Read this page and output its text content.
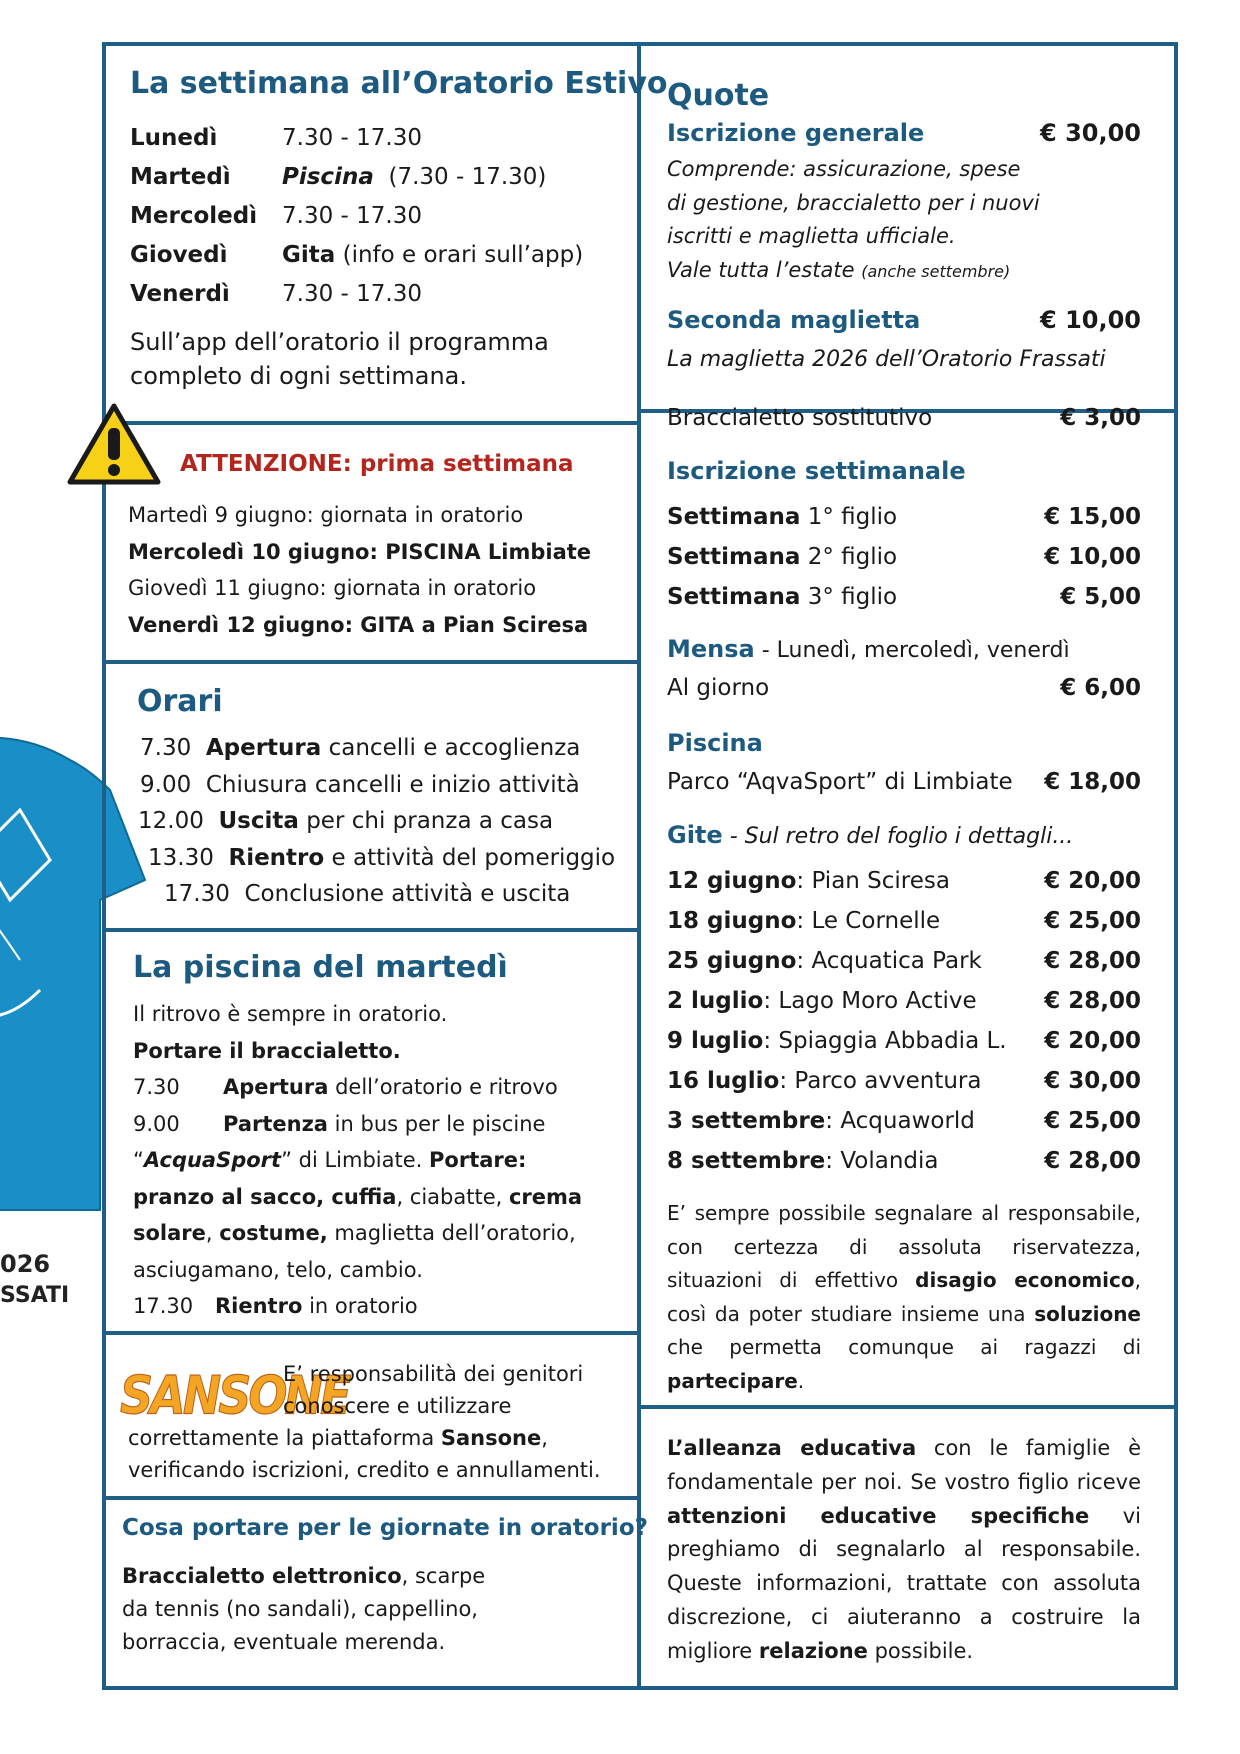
026
SSATI
La settimana all’Oratorio Estivo
Lunedì	7.30 - 17.30
Martedì Piscina (7.30 - 17.30)
Mercoledì 7.30 - 17.30
Giovedì Gita (info e orari sull’app)
Venerdì 7.30 - 17.30
Sull’app dell’oratorio il programma
completo di ogni settimana.
ATTENZIONE: prima settimana
Martedì 9 giugno: giornata in oratorio
Mercoledì 10 giugno: PISCINA Limbiate
Giovedì 11 giugno: giornata in oratorio
Venerdì 12 giugno: GITA a Pian Sciresa
Orari
7.30 Apertura cancelli e accoglienza
9.00 Chiusura cancelli e inizio attività
12.00 Uscita per chi pranza a casa
13.30 Rientro e attività del pomeriggio
17.30 Conclusione attività e uscita
La piscina del martedì
Il ritrovo è sempre in oratorio.
Portare il braccialetto.
7.30 Apertura dell’oratorio e ritrovo
9.00 Partenza in bus per le piscine
“AcquaSport” di Limbiate. Portare:
pranzo al sacco, cuffia, ciabatte, crema
solare, costume, maglietta dell’oratorio,
asciugamano, telo, cambio.
17.30 Rientro in oratorio
SANSONE
E’ responsabilità dei genitori
conoscere e utilizzare
correttamente la piattaforma Sansone,
verificando iscrizioni, credito e annullamenti.
Cosa portare per le giornate in oratorio?
Braccialetto elettronico, scarpe
da tennis (no sandali), cappellino,
borraccia, eventuale merenda.
Quote
Iscrizione generale	€ 30,00
Comprende: assicurazione, spese
di gestione, braccialetto per i nuovi
iscritti e maglietta ufficiale.
Vale tutta l’estate (anche settembre)
Seconda maglietta	€ 10,00
La maglietta 2026 dell’Oratorio Frassati
Braccialetto sostitutivo	€ 3,00
Iscrizione settimanale
Settimana 1° figlio	€ 15,00
Settimana 2° figlio	€ 10,00
Settimana 3° figlio	€ 5,00
Mensa - Lunedì, mercoledì, venerdì
Al giorno	€ 6,00
Piscina
Parco “AqvaSport” di Limbiate € 18,00
Gite - Sul retro del foglio i dettagli...
12 giugno: Pian Sciresa	€ 20,00
18 giugno: Le Cornelle	€ 25,00
25 giugno: Acquatica Park	€ 28,00
2 luglio: Lago Moro Active	€ 28,00
9 luglio: Spiaggia Abbadia L. € 20,00
16 luglio: Parco avventura	€ 30,00
3 settembre: Acquaworld	€ 25,00
8 settembre: Volandia	€ 28,00
E’ sempre possibile segnalare al responsabile, con certezza di assoluta riservatezza, situazioni di effettivo disagio economico, così da poter studiare insieme una soluzione che permetta comunque ai ragazzi di partecipare.
L’alleanza educativa con le famiglie è fondamentale per noi. Se vostro figlio riceve attenzioni educative specifiche vi preghiamo di segnalarlo al responsabile. Queste informazioni, trattate con assoluta discrezione, ci aiuteranno a costruire la migliore relazione possibile.
